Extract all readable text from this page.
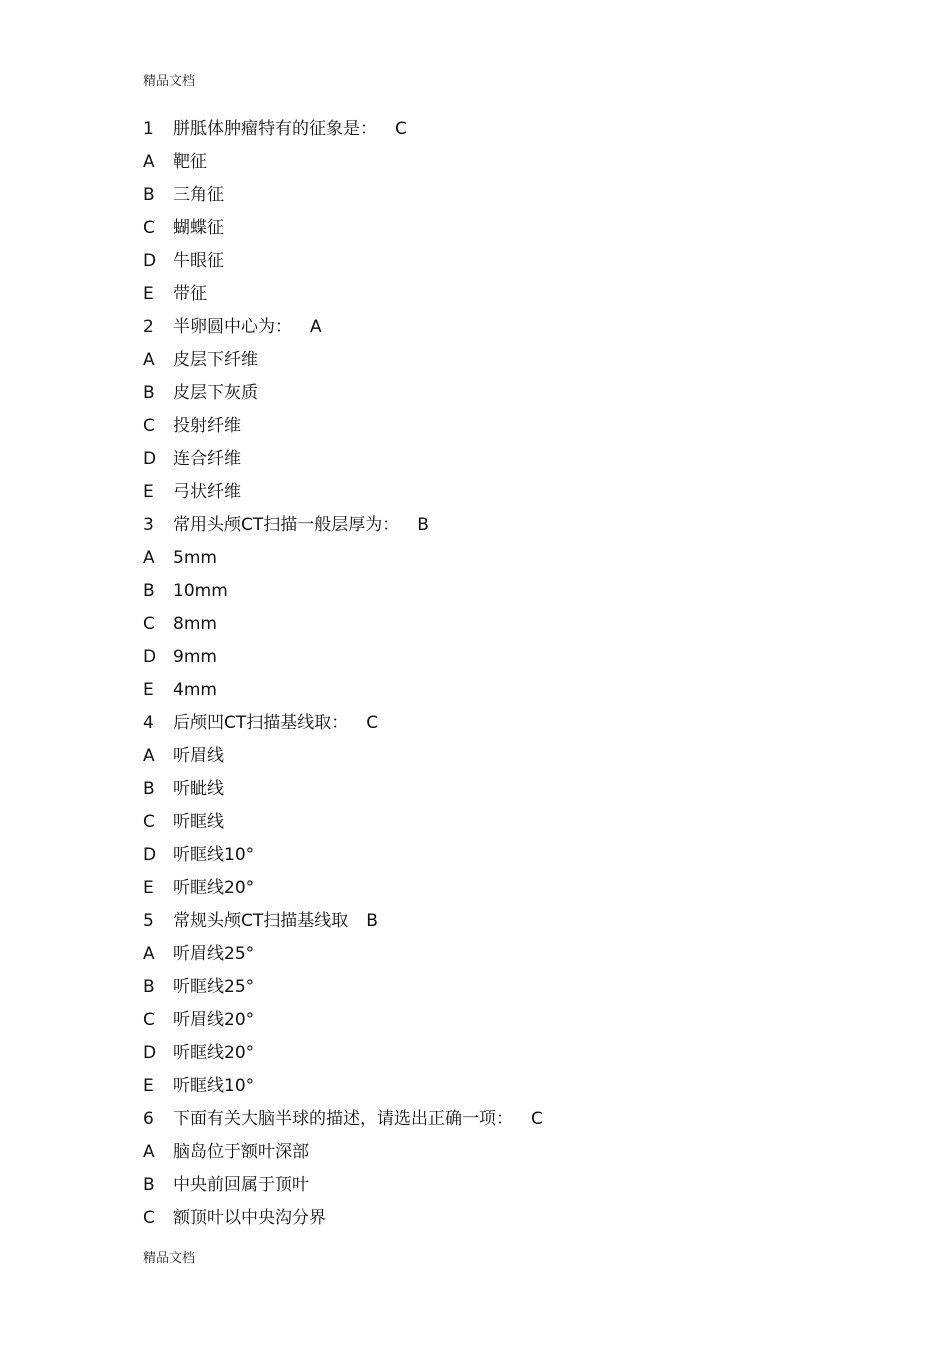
精品文档
1 胼胝体肿瘤特有的征象是： C
A 靶征
B 三角征
C 蝴蝶征
D 牛眼征
E 带征
2 半卵圆中心为： A
A 皮层下纤维
B 皮层下灰质
C 投射纤维
D 连合纤维
E 弓状纤维
3 常用头颅CT扫描一般层厚为： B
A 5mm
B 10mm
C 8mm
D 9mm
E 4mm
4 后颅凹CT扫描基线取： C
A 听眉线
B 听眦线
C 听眶线
D 听眶线10°
E 听眶线20°
5 常规头颅CT扫描基线取 B
A 听眉线25°
B 听眶线25°
C 听眉线20°
D 听眶线20°
E 听眶线10°
6 下面有关大脑半球的描述，请选出正确一项： C
A 脑岛位于额叶深部
B 中央前回属于顶叶
C 额顶叶以中央沟分界
精品文档
